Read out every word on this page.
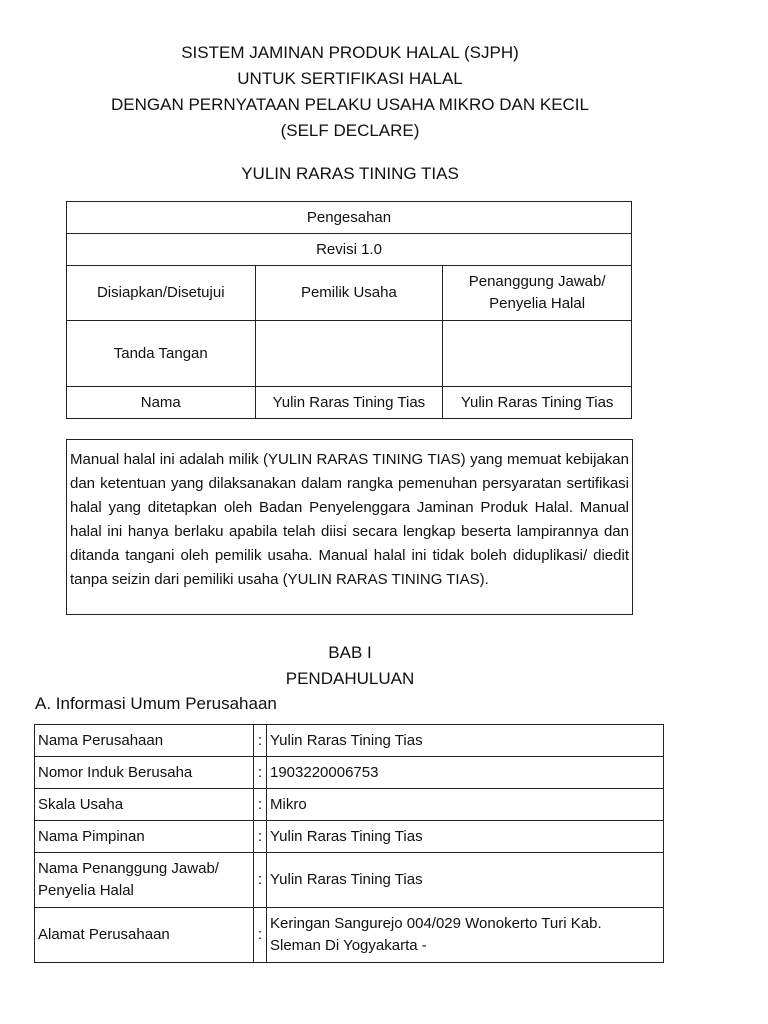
SISTEM JAMINAN PRODUK HALAL (SJPH)
UNTUK SERTIFIKASI HALAL
DENGAN PERNYATAAN PELAKU USAHA MIKRO DAN KECIL
(SELF DECLARE)
YULIN RARAS TINING TIAS
Pengesahan		
Revisi 1.0		
Disiapkan/Disetujui	Pemilik Usaha	Penanggung Jawab/
Penyelia Halal

Tanda Tangan		
Nama	Yulin Raras Tining Tias	Yulin Raras Tining Tias
Manual halal ini adalah milik (YULIN RARAS TINING TIAS) yang memuat kebijakan dan ketentuan yang dilaksanakan dalam rangka pemenuhan persyaratan sertifikasi halal yang ditetapkan oleh Badan Penyelenggara Jaminan Produk Halal. Manual halal ini hanya berlaku apabila telah diisi secara lengkap beserta lampirannya dan ditanda tangani oleh pemilik usaha. Manual halal ini tidak boleh diduplikasi/ diedit tanpa seizin dari pemiliki usaha (YULIN RARAS TINING TIAS).
BAB I
PENDAHULUAN
A. Informasi Umum Perusahaan
Nama Perusahaan	:	Yulin Raras Tining Tias
Nomor Induk Berusaha	:	1903220006753
Skala Usaha	:	Mikro
Nama Pimpinan	:	Yulin Raras Tining Tias

Nama Penanggung Jawab/
Penyelia Halal	:	Yulin Raras Tining Tias
Alamat Perusahaan	:	Keringan Sangurejo 004/029 Wonokerto Turi Kab.
Sleman Di Yogyakarta -
